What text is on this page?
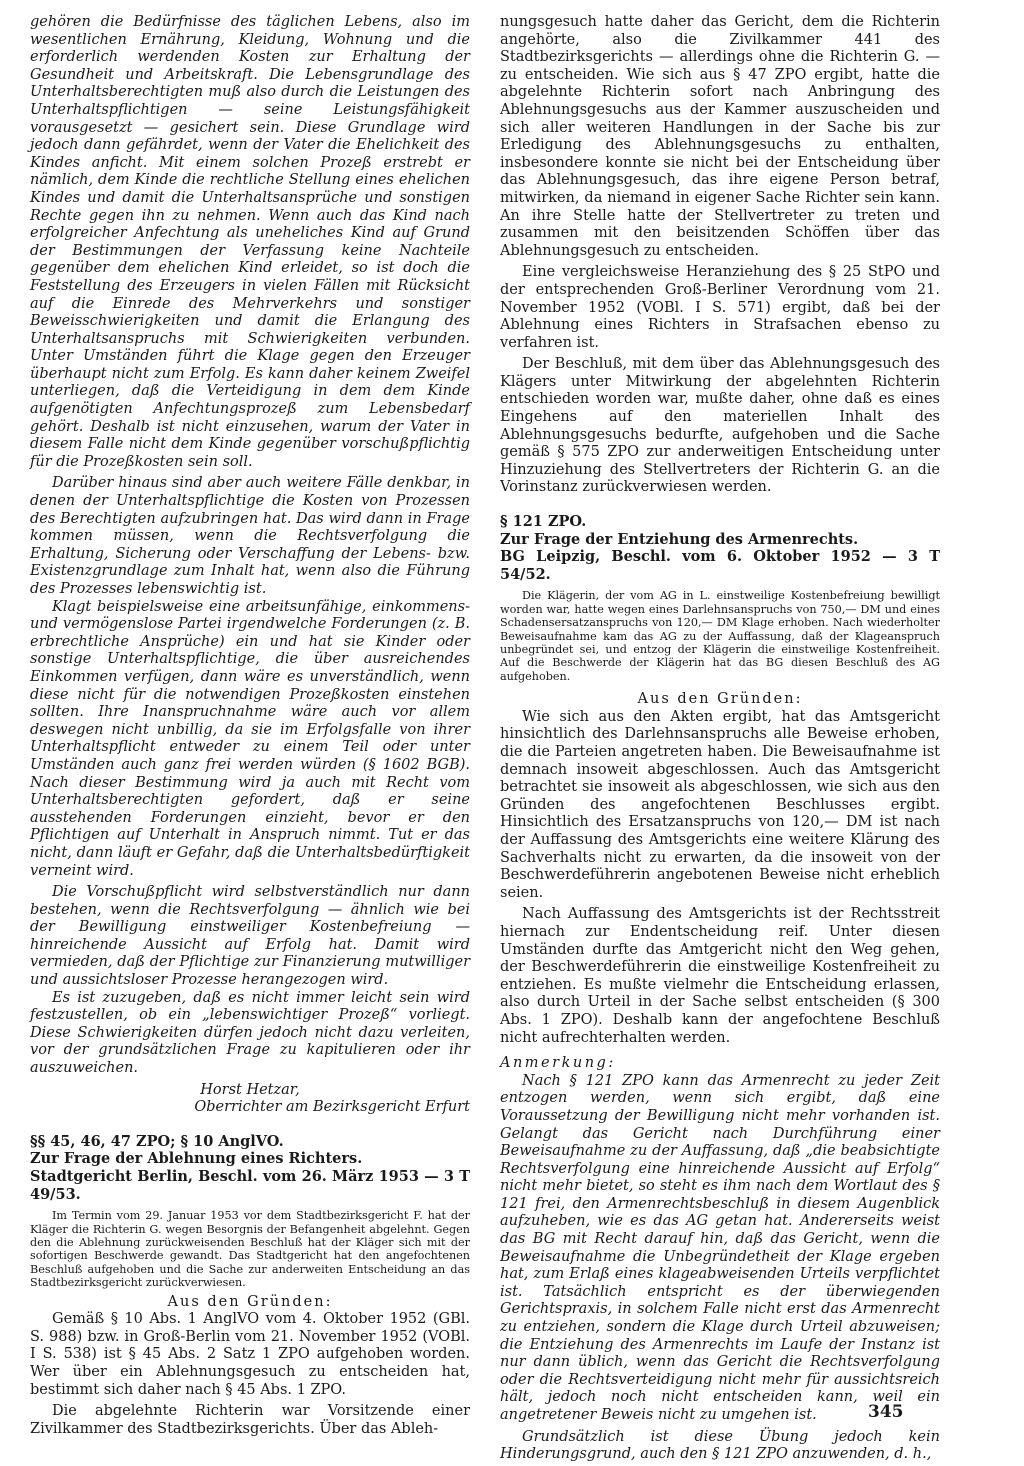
gehören die Bedürfnisse des täglichen Lebens, also im wesentlichen Ernährung, Kleidung, Wohnung und die erforderlich werdenden Kosten zur Erhaltung der Gesundheit und Arbeitskraft. Die Lebensgrundlage des Unterhaltsberechtigten muß also durch die Leistungen des Unterhaltspflichtigen — seine Leistungsfähigkeit vorausgesetzt — gesichert sein. Diese Grundlage wird jedoch dann gefährdet, wenn der Vater die Ehelichkeit des Kindes anficht. Mit einem solchen Prozeß erstrebt er nämlich, dem Kinde die rechtliche Stellung eines ehelichen Kindes und damit die Unterhaltsansprüche und sonstigen Rechte gegen ihn zu nehmen. Wenn auch das Kind nach erfolgreicher Anfechtung als uneheliches Kind auf Grund der Bestimmungen der Verfassung keine Nachteile gegenüber dem ehelichen Kind erleidet, so ist doch die Feststellung des Erzeugers in vielen Fällen mit Rücksicht auf die Einrede des Mehrverkehrs und sonstiger Beweisschwierigkeiten und damit die Erlangung des Unterhaltsanspruchs mit Schwierigkeiten verbunden. Unter Umständen führt die Klage gegen den Erzeuger überhaupt nicht zum Erfolg. Es kann daher keinem Zweifel unterliegen, daß die Verteidigung in dem dem Kinde aufgenötigten Anfechtungsprozeß zum Lebensbedarf gehört. Deshalb ist nicht einzusehen, warum der Vater in diesem Falle nicht dem Kinde gegenüber vorschußpflichtig für die Prozeßkosten sein soll.

Darüber hinaus sind aber auch weitere Fälle denkbar, in denen der Unterhaltspflichtige die Kosten von Prozessen des Berechtigten aufzubringen hat. Das wird dann in Frage kommen müssen, wenn die Rechtsverfolgung die Erhaltung, Sicherung oder Verschaffung der Lebens- bzw. Existenzgrundlage zum Inhalt hat, wenn also die Führung des Prozesses lebenswichtig ist.

Klagt beispielsweise eine arbeitsunfähige, einkommens- und vermögenslose Partei irgendwelche Forderungen (z. B. erbrechtliche Ansprüche) ein und hat sie Kinder oder sonstige Unterhaltspflichtige, die über ausreichendes Einkommen verfügen, dann wäre es unverständlich, wenn diese nicht für die notwendigen Prozeßkosten einstehen sollten. Ihre Inanspruchnahme wäre auch vor allem deswegen nicht unbillig, da sie im Erfolgsfalle von ihrer Unterhaltspflicht entweder zu einem Teil oder unter Umständen auch ganz frei werden würden (§ 1602 BGB). Nach dieser Bestimmung wird ja auch mit Recht vom Unterhaltsberechtigten gefordert, daß er seine ausstehenden Forderungen einzieht, bevor er den Pflichtigen auf Unterhalt in Anspruch nimmt. Tut er das nicht, dann läuft er Gefahr, daß die Unterhaltsbedürftigkeit verneint wird.

Die Vorschußpflicht wird selbstverständlich nur dann bestehen, wenn die Rechtsverfolgung — ähnlich wie bei der Bewilligung einstweiliger Kostenbefreiung — hinreichende Aussicht auf Erfolg hat. Damit wird vermieden, daß der Pflichtige zur Finanzierung mutwilliger und aussichtsloser Prozesse herangezogen wird.

Es ist zuzugeben, daß es nicht immer leicht sein wird festzustellen, ob ein „lebenswichtiger Prozeß“ vorliegt. Diese Schwierigkeiten dürfen jedoch nicht dazu verleiten, vor der grundsätzlichen Frage zu kapitulieren oder ihr auszuweichen.

Horst Hetzar,

Oberrichter am Bezirksgericht Erfurt

§§ 45, 46, 47 ZPO; § 10 AnglVO.

Zur Frage der Ablehnung eines Richters.

Stadtgericht Berlin, Beschl. vom 26. März 1953 — 3 T 49/53.

Im Termin vom 29. Januar 1953 vor dem Stadtbezirksgericht F. hat der Kläger die Richterin G. wegen Besorgnis der Befangenheit abgelehnt. Gegen den die Ablehnung zurückweisenden Beschluß hat der Kläger sich mit der sofortigen Beschwerde gewandt. Das Stadtgericht hat den angefochtenen Beschluß aufgehoben und die Sache zur anderweiten Entscheidung an das Stadtbezirksgericht zurückverwiesen.

Aus den Gründen:

Gemäß § 10 Abs. 1 AnglVO vom 4. Oktober 1952 (GBl. S. 988) bzw. in Groß-Berlin vom 21. November 1952 (VOBl. I S. 538) ist § 45 Abs. 2 Satz 1 ZPO aufgehoben worden. Wer über ein Ablehnungsgesuch zu entscheiden hat, bestimmt sich daher nach § 45 Abs. 1 ZPO.

Die abgelehnte Richterin war Vorsitzende einer Zivilkammer des Stadtbezirksgerichts. Über das Ableh-

nungsgesuch hatte daher das Gericht, dem die Richterin angehörte, also die Zivilkammer 441 des Stadtbezirksgerichts — allerdings ohne die Richterin G. — zu entscheiden. Wie sich aus § 47 ZPO ergibt, hatte die abgelehnte Richterin sofort nach Anbringung des Ablehnungsgesuchs aus der Kammer auszuscheiden und sich aller weiteren Handlungen in der Sache bis zur Erledigung des Ablehnungsgesuchs zu enthalten, insbesondere konnte sie nicht bei der Entscheidung über das Ablehnungsgesuch, das ihre eigene Person betraf, mitwirken, da niemand in eigener Sache Richter sein kann. An ihre Stelle hatte der Stellvertreter zu treten und zusammen mit den beisitzenden Schöffen über das Ablehnungsgesuch zu entscheiden.

Eine vergleichsweise Heranziehung des § 25 StPO und der entsprechenden Groß-Berliner Verordnung vom 21. November 1952 (VOBl. I S. 571) ergibt, daß bei der Ablehnung eines Richters in Strafsachen ebenso zu verfahren ist.

Der Beschluß, mit dem über das Ablehnungsgesuch des Klägers unter Mitwirkung der abgelehnten Richterin entschieden worden war, mußte daher, ohne daß es eines Eingehens auf den materiellen Inhalt des Ablehnungsgesuchs bedurfte, aufgehoben und die Sache gemäß § 575 ZPO zur anderweitigen Entscheidung unter Hinzuziehung des Stellvertreters der Richterin G. an die Vorinstanz zurückverwiesen werden.

§ 121 ZPO.

Zur Frage der Entziehung des Armenrechts.

BG Leipzig, Beschl. vom 6. Oktober 1952 — 3 T 54/52.

Die Klägerin, der vom AG in L. einstweilige Kostenbefreiung bewilligt worden war, hatte wegen eines Darlehnsanspruchs von 750,— DM und eines Schadensersatzanspruchs von 120,— DM Klage erhoben. Nach wiederholter Beweisaufnahme kam das AG zu der Auffassung, daß der Klageanspruch unbegründet sei, und entzog der Klägerin die einstweilige Kostenfreiheit. Auf die Beschwerde der Klägerin hat das BG diesen Beschluß des AG aufgehoben.

Aus den Gründen:

Wie sich aus den Akten ergibt, hat das Amtsgericht hinsichtlich des Darlehnsanspruchs alle Beweise erhoben, die die Parteien angetreten haben. Die Beweisaufnahme ist demnach insoweit abgeschlossen. Auch das Amtsgericht betrachtet sie insoweit als abgeschlossen, wie sich aus den Gründen des angefochtenen Beschlusses ergibt. Hinsichtlich des Ersatzanspruchs von 120,— DM ist nach der Auffassung des Amtsgerichts eine weitere Klärung des Sachverhalts nicht zu erwarten, da die insoweit von der Beschwerdeführerin angebotenen Beweise nicht erheblich seien.

Nach Auffassung des Amtsgerichts ist der Rechtsstreit hiernach zur Endentscheidung reif. Unter diesen Umständen durfte das Amtgericht nicht den Weg gehen, der Beschwerdeführerin die einstweilige Kostenfreiheit zu entziehen. Es mußte vielmehr die Entscheidung erlassen, also durch Urteil in der Sache selbst entscheiden (§ 300 Abs. 1 ZPO). Deshalb kann der angefochtene Beschluß nicht aufrechterhalten werden.

Anmerkung:

Nach § 121 ZPO kann das Armenrecht zu jeder Zeit entzogen werden, wenn sich ergibt, daß eine Voraussetzung der Bewilligung nicht mehr vorhanden ist. Gelangt das Gericht nach Durchführung einer Beweisaufnahme zu der Auffassung, daß „die beabsichtigte Rechtsverfolgung eine hinreichende Aussicht auf Erfolg“ nicht mehr bietet, so steht es ihm nach dem Wortlaut des § 121 frei, den Armenrechtsbeschluß in diesem Augenblick aufzuheben, wie es das AG getan hat. Andererseits weist das BG mit Recht darauf hin, daß das Gericht, wenn die Beweisaufnahme die Unbegründetheit der Klage ergeben hat, zum Erlaß eines klageabweisenden Urteils verpflichtet ist. Tatsächlich entspricht es der überwiegenden Gerichtspraxis, in solchem Falle nicht erst das Armenrecht zu entziehen, sondern die Klage durch Urteil abzuweisen; die Entziehung des Armenrechts im Laufe der Instanz ist nur dann üblich, wenn das Gericht die Rechtsverfolgung oder die Rechtsverteidigung nicht mehr für aussichtsreich hält, jedoch noch nicht entscheiden kann, weil ein angetretener Beweis nicht zu umgehen ist.

Grundsätzlich ist diese Übung jedoch kein Hinderungsgrund, auch den § 121 ZPO anzuwenden, d. h.,

345
